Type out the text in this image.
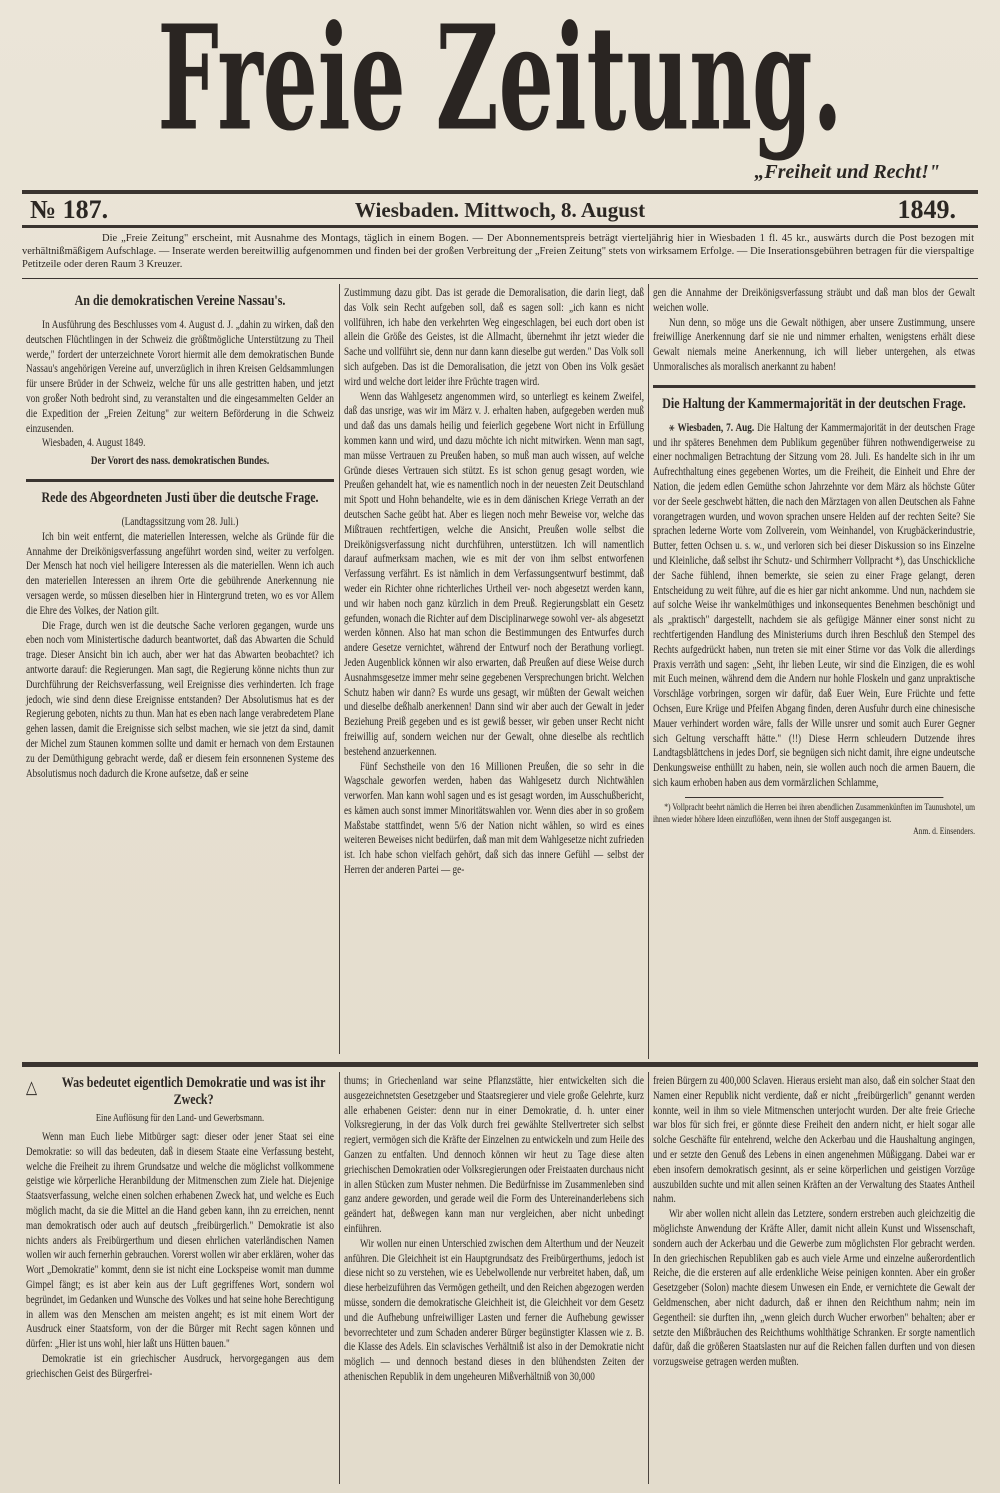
Freie Zeitung.
„Freiheit und Recht!"
№ 187.	Wiesbaden. Mittwoch, 8. August	1849.
Die „Freie Zeitung" erscheint, mit Ausnahme des Montags, täglich in einem Bogen. — Der Abonnementspreis beträgt vierteljährig hier in Wiesbaden 1 fl. 45 kr., auswärts durch die Post bezogen mit verhältnißmäßigem Aufschlage. — Inserate werden bereitwillig aufgenommen und finden bei der großen Verbreitung der „Freien Zeitung" stets von wirksamem Erfolge. — Die Inserationsgebühren betragen für die vierspaltige Petitzeile oder deren Raum 3 Kreuzer.
An die demokratischen Vereine Nassau's.

In Ausführung des Beschlusses vom 4. August d. J. „dahin zu wirken, daß den deutschen Flüchtlingen in der Schweiz die größtmögliche Unterstützung zu Theil werde," fordert der unterzeichnete Vorort hiermit alle dem demokratischen Bunde Nassau's angehörigen Vereine auf, unverzüglich in ihren Kreisen Geldsammlungen für unsere Brüder in der Schweiz, welche für uns alle gestritten haben, und jetzt von großer Noth bedroht sind, zu veranstalten und die eingesammelten Gelder an die Expedition der „Freien Zeitung" zur weitern Beförderung in die Schweiz einzusenden.

Wiesbaden, 4. August 1849.

Der Vorort des nass. demokratischen Bundes.

Rede des Abgeordneten Justi über die deutsche Frage.

(Landtagssitzung vom 28. Juli.)

Ich bin weit entfernt, die materiellen Interessen, welche als Gründe für die Annahme der Dreikönigsverfassung angeführt worden sind, weiter zu verfolgen. Der Mensch hat noch viel heiligere Interessen als die materiellen. Wenn ich auch den materiellen Interessen an ihrem Orte die gebührende Anerkennung nie versagen werde, so müssen dieselben hier in Hintergrund treten, wo es vor Allem die Ehre des Volkes, der Nation gilt.

Die Frage, durch wen ist die deutsche Sache verloren gegangen, wurde uns eben noch vom Ministertische dadurch beantwortet, daß das Abwarten die Schuld trage. Dieser Ansicht bin ich auch, aber wer hat das Abwarten beobachtet? ich antworte darauf: die Regierungen. Man sagt, die Regierung könne nichts thun zur Durchführung der Reichsverfassung, weil Ereignisse dies verhinderten. Ich frage jedoch, wie sind denn diese Ereignisse entstanden? Der Absolutismus hat es der Regierung geboten, nichts zu thun. Man hat es eben nach lange verabredetem Plane gehen lassen, damit die Ereignisse sich selbst machen, wie sie jetzt da sind, damit der Michel zum Staunen kommen sollte und damit er hernach von dem Erstaunen zu der Demüthigung gebracht werde, daß er diesem fein ersonnenen Systeme des Absolutismus noch dadurch die Krone aufsetze, daß er seine

Zustimmung dazu gibt. Das ist gerade die Demoralisation, die darin liegt, daß das Volk sein Recht aufgeben soll, daß es sagen soll: „ich kann es nicht vollführen, ich habe den verkehrten Weg eingeschlagen, bei euch dort oben ist allein die Größe des Geistes, ist die Allmacht, übernehmt ihr jetzt wieder die Sache und vollführt sie, denn nur dann kann dieselbe gut werden." Das Volk soll sich aufgeben. Das ist die Demoralisation, die jetzt von Oben ins Volk gesäet wird und welche dort leider ihre Früchte tragen wird.

Wenn das Wahlgesetz angenommen wird, so unterliegt es keinem Zweifel, daß das unsrige, was wir im März v. J. erhalten haben, aufgegeben werden muß und daß das uns damals heilig und feierlich gegebene Wort nicht in Erfüllung kommen kann und wird, und dazu möchte ich nicht mitwirken. Wenn man sagt, man müsse Vertrauen zu Preußen haben, so muß man auch wissen, auf welche Gründe dieses Vertrauen sich stützt. Es ist schon genug gesagt worden, wie Preußen gehandelt hat, wie es namentlich noch in der neuesten Zeit Deutschland mit Spott und Hohn behandelte, wie es in dem dänischen Kriege Verrath an der deutschen Sache geübt hat. Aber es liegen noch mehr Beweise vor, welche das Mißtrauen rechtfertigen, welche die Ansicht, Preußen wolle selbst die Dreikönigsverfassung nicht durchführen, unterstützen. Ich will namentlich darauf aufmerksam machen, wie es mit der von ihm selbst entworfenen Verfassung verfährt. Es ist nämlich in dem Verfassungsentwurf bestimmt, daß weder ein Richter ohne richterliches Urtheil ver- noch abgesetzt werden kann, und wir haben noch ganz kürzlich in dem Preuß. Regierungsblatt ein Gesetz gefunden, wonach die Richter auf dem Disciplinarwege sowohl ver- als abgesetzt werden können. Also hat man schon die Bestimmungen des Entwurfes durch andere Gesetze vernichtet, während der Entwurf noch der Berathung vorliegt. Jeden Augenblick können wir also erwarten, daß Preußen auf diese Weise durch Ausnahmsgesetze immer mehr seine gegebenen Versprechungen bricht. Welchen Schutz haben wir dann? Es wurde uns gesagt, wir müßten der Gewalt weichen und dieselbe deßhalb anerkennen! Dann sind wir aber auch der Gewalt in jeder Beziehung Preiß gegeben und es ist gewiß besser, wir geben unser Recht nicht freiwillig auf, sondern weichen nur der Gewalt, ohne dieselbe als rechtlich bestehend anzuerkennen.

Fünf Sechstheile von den 16 Millionen Preußen, die so sehr in die Wagschale geworfen werden, haben das Wahlgesetz durch Nichtwählen verworfen. Man kann wohl sagen und es ist gesagt worden, im Ausschußbericht, es kämen auch sonst immer Minoritätswahlen vor. Wenn dies aber in so großem Maßstabe stattfindet, wenn 5/6 der Nation nicht wählen, so wird es eines weiteren Beweises nicht bedürfen, daß man mit dem Wahlgesetze nicht zufrieden ist. Ich habe schon vielfach gehört, daß sich das innere Gefühl — selbst der Herren der anderen Partei — ge-

gen die Annahme der Dreikönigsverfassung sträubt und daß man blos der Gewalt weichen wolle.

Nun denn, so möge uns die Gewalt nöthigen, aber unsere Zustimmung, unsere freiwillige Anerkennung darf sie nie und nimmer erhalten, wenigstens erhält diese Gewalt niemals meine Anerkennung, ich will lieber untergehen, als etwas Unmoralisches als moralisch anerkannt zu haben!

Die Haltung der Kammermajorität in der deutschen Frage.

⚹ Wiesbaden, 7. Aug. Die Haltung der Kammermajorität in der deutschen Frage und ihr späteres Benehmen dem Publikum gegenüber führen nothwendigerweise zu einer nochmaligen Betrachtung der Sitzung vom 28. Juli. Es handelte sich in ihr um Aufrechthaltung eines gegebenen Wortes, um die Freiheit, die Einheit und Ehre der Nation, die jedem edlen Gemüthe schon Jahrzehnte vor dem März als höchste Güter vor der Seele geschwebt hätten, die nach den Märztagen von allen Deutschen als Fahne vorangetragen wurden, und wovon sprachen unsere Helden auf der rechten Seite? Sie sprachen lederne Worte vom Zollverein, vom Weinhandel, von Krugbäckerindustrie, Butter, fetten Ochsen u. s. w., und verloren sich bei dieser Diskussion so ins Einzelne und Kleinliche, daß selbst ihr Schutz- und Schirmherr Vollpracht *), das Unschickliche der Sache fühlend, ihnen bemerkte, sie seien zu einer Frage gelangt, deren Entscheidung zu weit führe, auf die es hier gar nicht ankomme. Und nun, nachdem sie auf solche Weise ihr wankelmüthiges und inkonsequentes Benehmen beschönigt und als „praktisch" dargestellt, nachdem sie als gefügige Männer einer sonst nicht zu rechtfertigenden Handlung des Ministeriums durch ihren Beschluß den Stempel des Rechts aufgedrückt haben, nun treten sie mit einer Stirne vor das Volk die allerdings Praxis verräth und sagen: „Seht, ihr lieben Leute, wir sind die Einzigen, die es wohl mit Euch meinen, während dem die Andern nur hohle Floskeln und ganz unpraktische Vorschläge vorbringen, sorgen wir dafür, daß Euer Wein, Eure Früchte und fette Ochsen, Eure Krüge und Pfeifen Abgang finden, deren Ausfuhr durch eine chinesische Mauer verhindert worden wäre, falls der Wille unsrer und somit auch Eurer Gegner sich Geltung verschafft hätte." (!!) Diese Herrn schleudern Dutzende ihres Landtagsblättchens in jedes Dorf, sie begnügen sich nicht damit, ihre eigne undeutsche Denkungsweise enthüllt zu haben, nein, sie wollen auch noch die armen Bauern, die sich kaum erhoben haben aus dem vormärzlichen Schlamme,

*) Vollpracht beehrt nämlich die Herren bei ihren abendlichen Zusammenkünften im Taunushotel, um ihnen wieder höhere Ideen einzuflößen, wenn ihnen der Stoff ausgegangen ist.

Anm. d. Einsenders.

△	Was bedeutet eigentlich Demokratie und was ist ihr Zweck?

Eine Auflösung für den Land- und Gewerbsmann.

Wenn man Euch liebe Mitbürger sagt: dieser oder jener Staat sei eine Demokratie: so will das bedeuten, daß in diesem Staate eine Verfassung besteht, welche die Freiheit zu ihrem Grundsatze und welche die möglichst vollkommene geistige wie körperliche Heranbildung der Mitmenschen zum Ziele hat. Diejenige Staatsverfassung, welche einen solchen erhabenen Zweck hat, und welche es Euch möglich macht, da sie die Mittel an die Hand geben kann, ihn zu erreichen, nennt man demokratisch oder auch auf deutsch „freibürgerlich." Demokratie ist also nichts anders als Freibürgerthum und diesen ehrlichen vaterländischen Namen wollen wir auch fernerhin gebrauchen. Vorerst wollen wir aber erklären, woher das Wort „Demokratie" kommt, denn sie ist nicht eine Lockspeise womit man dumme Gimpel fängt; es ist aber kein aus der Luft gegriffenes Wort, sondern wol begründet, im Gedanken und Wunsche des Volkes und hat seine hohe Berechtigung in allem was den Menschen am meisten angeht; es ist mit einem Wort der Ausdruck einer Staatsform, von der die Bürger mit Recht sagen können und dürfen: „Hier ist uns wohl, hier laßt uns Hütten bauen."

Demokratie ist ein griechischer Ausdruck, hervorgegangen aus dem griechischen Geist des Bürgerfrei-

thums; in Griechenland war seine Pflanzstätte, hier entwickelten sich die ausgezeichnetsten Gesetzgeber und Staatsregierer und viele große Gelehrte, kurz alle erhabenen Geister: denn nur in einer Demokratie, d. h. unter einer Volksregierung, in der das Volk durch frei gewählte Stellvertreter sich selbst regiert, vermögen sich die Kräfte der Einzelnen zu entwickeln und zum Heile des Ganzen zu entfalten. Und dennoch können wir heut zu Tage diese alten griechischen Demokratien oder Volksregierungen oder Freistaaten durchaus nicht in allen Stücken zum Muster nehmen. Die Bedürfnisse im Zusammenleben sind ganz andere geworden, und gerade weil die Form des Untereinanderlebens sich geändert hat, deßwegen kann man nur vergleichen, aber nicht unbedingt einführen.

Wir wollen nur einen Unterschied zwischen dem Alterthum und der Neuzeit anführen. Die Gleichheit ist ein Hauptgrundsatz des Freibürgerthums, jedoch ist diese nicht so zu verstehen, wie es Uebelwollende nur verbreitet haben, daß, um diese herbeizuführen das Vermögen getheilt, und den Reichen abgezogen werden müsse, sondern die demokratische Gleichheit ist, die Gleichheit vor dem Gesetz und die Aufhebung unfreiwilliger Lasten und ferner die Aufhebung gewisser bevorrechteter und zum Schaden anderer Bürger begünstigter Klassen wie z. B. die Klasse des Adels. Ein sclavisches Verhältniß ist also in der Demokratie nicht möglich — und dennoch bestand dieses in den blühendsten Zeiten der athenischen Republik in dem ungeheuren Mißverhältniß von 30,000

freien Bürgern zu 400,000 Sclaven. Hieraus ersieht man also, daß ein solcher Staat den Namen einer Republik nicht verdiente, daß er nicht „freibürgerlich" genannt werden konnte, weil in ihm so viele Mitmenschen unterjocht wurden. Der alte freie Grieche war blos für sich frei, er gönnte diese Freiheit den andern nicht, er hielt sogar alle solche Geschäfte für entehrend, welche den Ackerbau und die Haushaltung angingen, und er setzte den Genuß des Lebens in einen angenehmen Müßiggang. Dabei war er eben insofern demokratisch gesinnt, als er seine körperlichen und geistigen Vorzüge auszubilden suchte und mit allen seinen Kräften an der Verwaltung des Staates Antheil nahm.

Wir aber wollen nicht allein das Letztere, sondern erstreben auch gleichzeitig die möglichste Anwendung der Kräfte Aller, damit nicht allein Kunst und Wissenschaft, sondern auch der Ackerbau und die Gewerbe zum möglichsten Flor gebracht werden. In den griechischen Republiken gab es auch viele Arme und einzelne außerordentlich Reiche, die die ersteren auf alle erdenkliche Weise peinigen konnten. Aber ein großer Gesetzgeber (Solon) machte diesem Unwesen ein Ende, er vernichtete die Gewalt der Geldmenschen, aber nicht dadurch, daß er ihnen den Reichthum nahm; nein im Gegentheil: sie durften ihn, „wenn gleich durch Wucher erworben" behalten; aber er setzte den Mißbräuchen des Reichthums wohlthätige Schranken. Er sorgte namentlich dafür, daß die größeren Staatslasten nur auf die Reichen fallen durften und von diesen vorzugsweise getragen werden mußten.
